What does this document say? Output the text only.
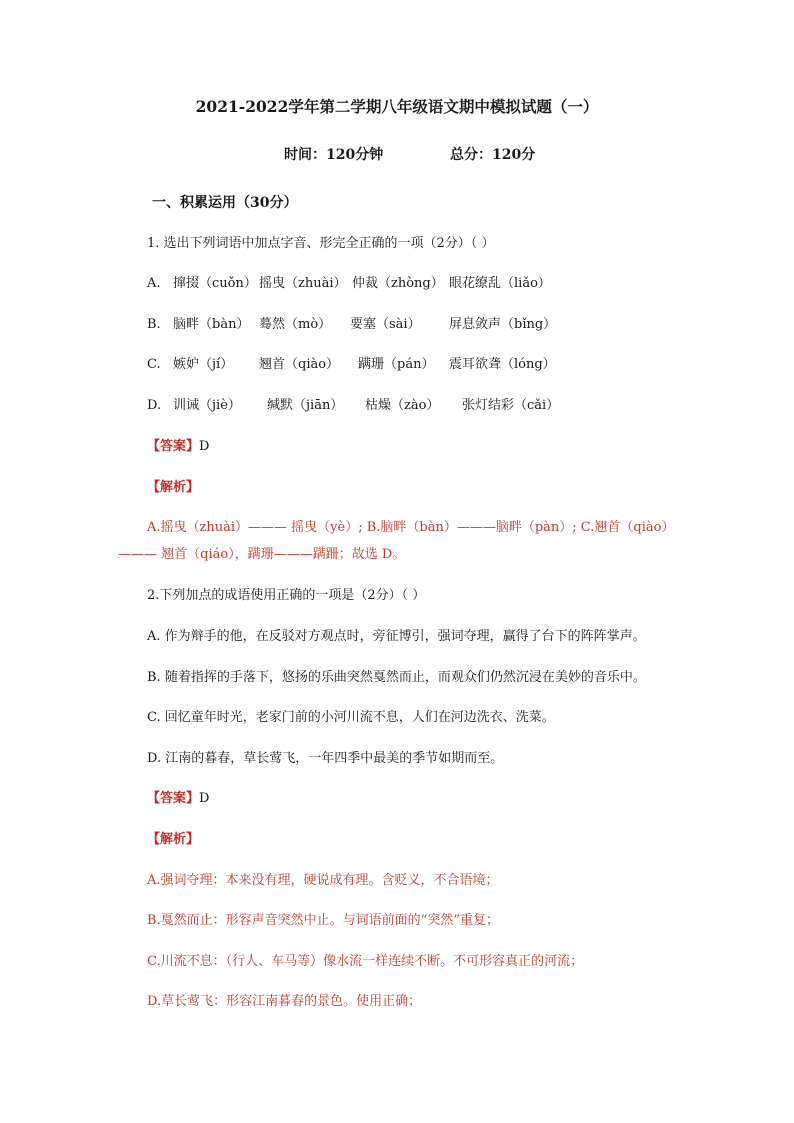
2021-2022学年第二学期八年级语文期中模拟试题（一）
时间：120分钟	总分：120分
一、积累运用（30分）
1. 选出下列词语中加点字音、形完全正确的一项（2分）（ ）
A. 撺掇（cuǒn） 摇曳（zhuài） 仲裁（zhòng） 眼花缭乱（liǎo）
B. 脑畔（bàn） 蓦然（mò） 要塞（sài） 屏息敛声（bǐng）
C. 嫉妒（jí） 翘首（qiào） 蹒珊（pán） 震耳欲聋（lóng）
D. 训诫（jiè） 缄默（jiān） 枯燥（zào） 张灯结彩（cǎi）
【答案】D
【解析】
A.摇曳（zhuài）——— 摇曳（yè）; B.脑畔（bàn）———脑畔（pàn）; C.翘首（qiào）
——— 翘首（qiáo），蹒珊———蹒跚；故选 D。
2.下列加点的成语使用正确的一项是（2分）（ ）
A. 作为辩手的他，在反驳对方观点时，旁征博引，强词夺理，赢得了台下的阵阵掌声。
B. 随着指挥的手落下，悠扬的乐曲突然戛然而止，而观众们仍然沉浸在美妙的音乐中。
C. 回忆童年时光，老家门前的小河川流不息，人们在河边洗衣、洗菜。
D. 江南的暮春，草长莺飞，一年四季中最美的季节如期而至。
【答案】D
【解析】
A.强词夺理：本来没有理，硬说成有理。含贬义，不合语境；
B.戛然而止：形容声音突然中止。与词语前面的“突然”重复；
C.川流不息：（行人、车马等）像水流一样连续不断。不可形容真正的河流；
D.草长莺飞：形容江南暮春的景色。使用正确；
